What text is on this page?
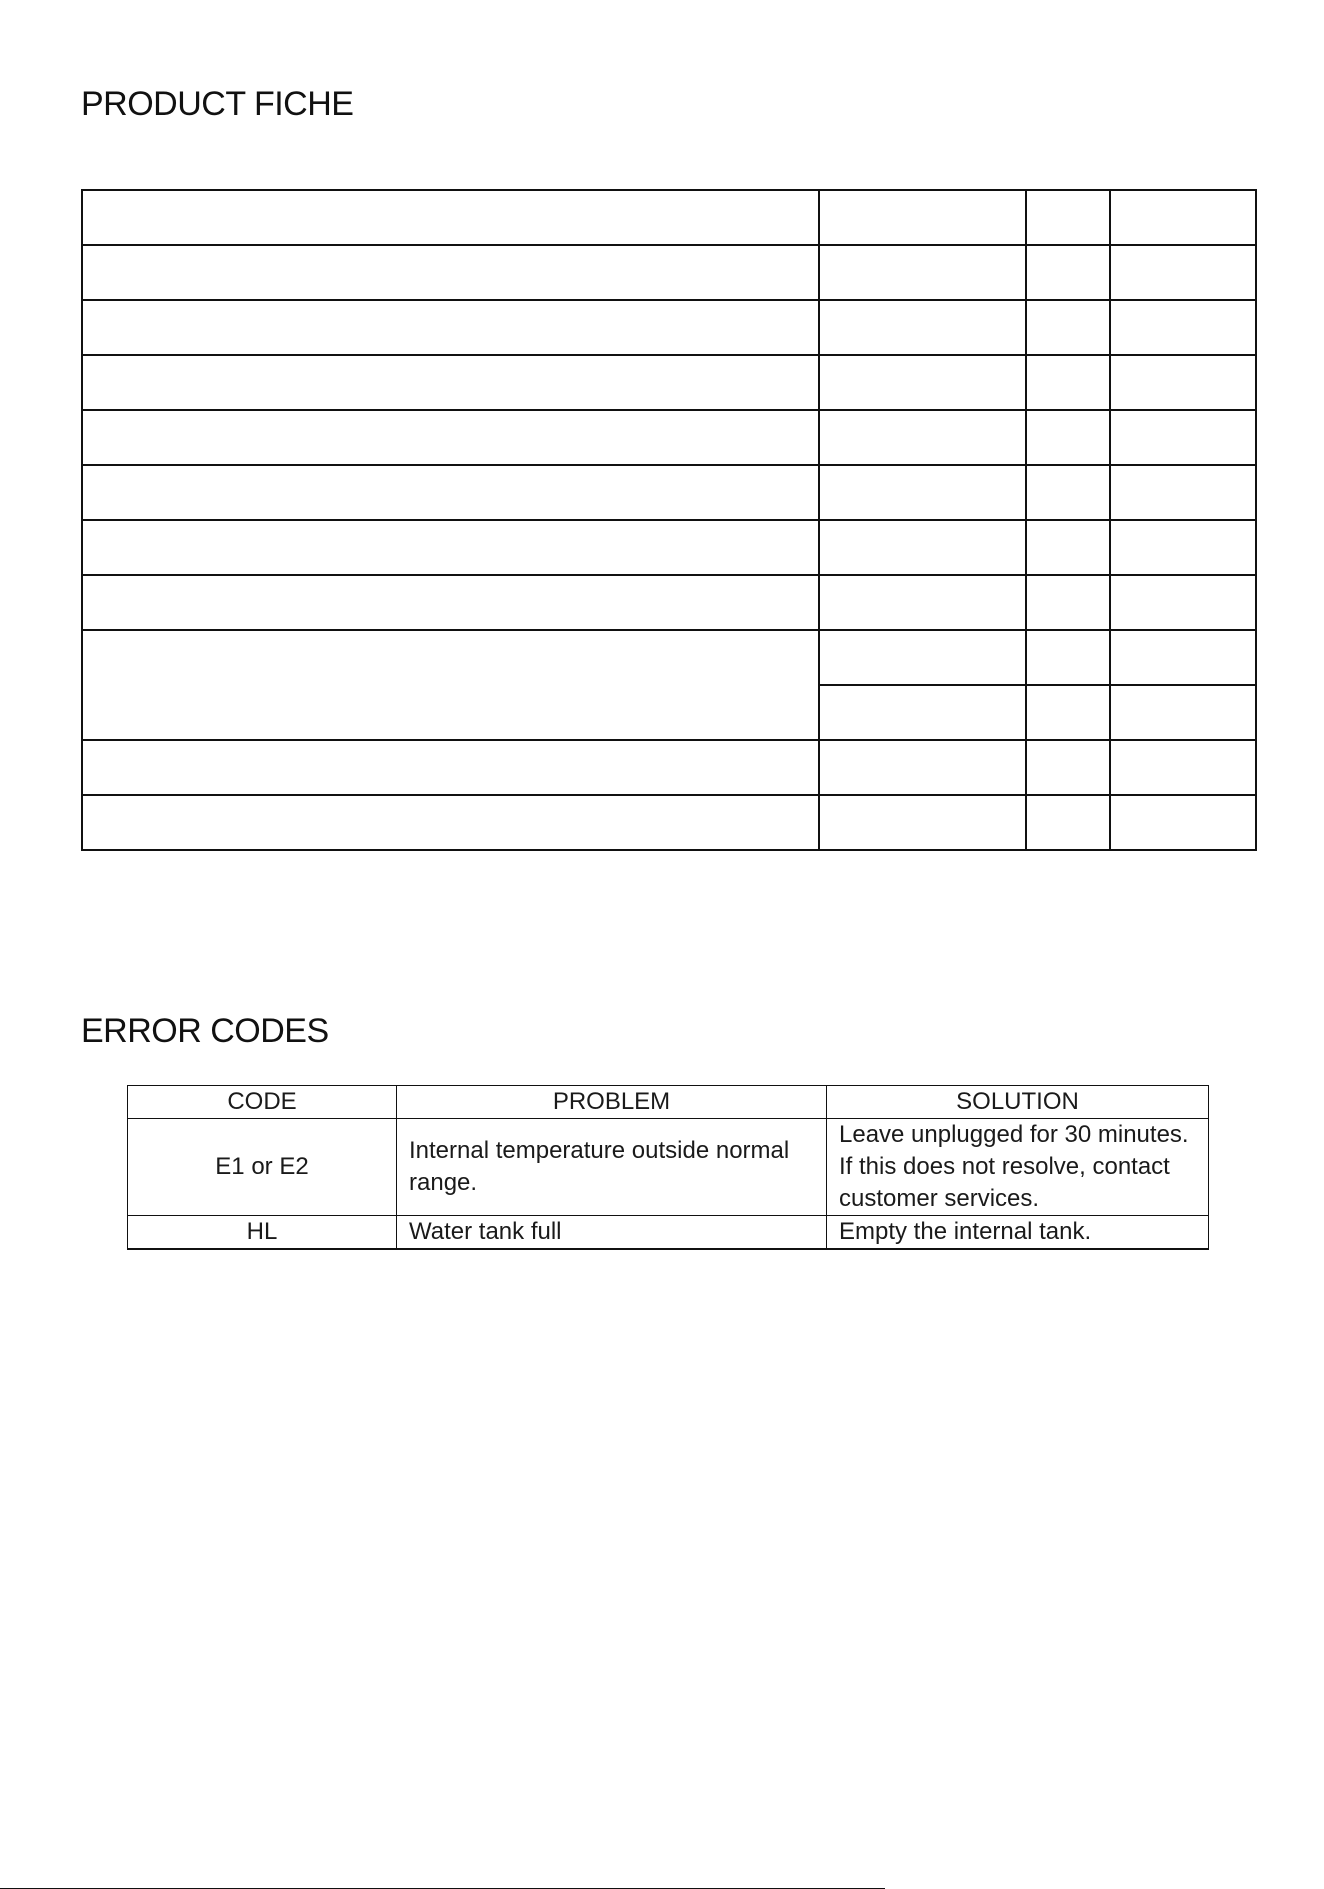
PRODUCT FICHE

ERROR CODES
CODE	PROBLEM	SOLUTION
E1 or E2	Internal temperature outside normal range.	Leave unplugged for 30 minutes. If this does not resolve, contact customer services.
HL	Water tank full	Empty the internal tank.
